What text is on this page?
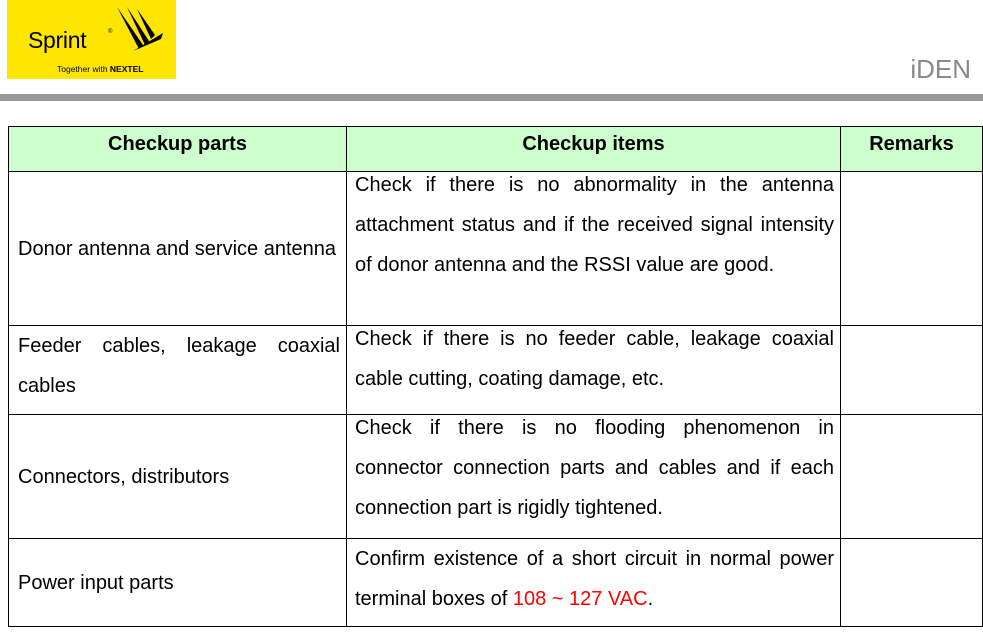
Sprint	®
Together with NEXTEL	iDEN
Checkup parts	Checkup items	Remarks
Donor antenna and service antenna	Check if there is no abnormality in the antenna attachment status and if the received signal intensity of donor antenna and the RSSI value are good.	

Feeder cables, leakage coaxial cables	Check if there is no feeder cable, leakage coaxial cable cutting, coating damage, etc.	

Connectors, distributors	Check if there is no flooding phenomenon in connector connection parts and cables and if each connection part is rigidly tightened.	

Power input parts	Confirm existence of a short circuit in normal power terminal boxes of 108 ~ 127 VAC.	
